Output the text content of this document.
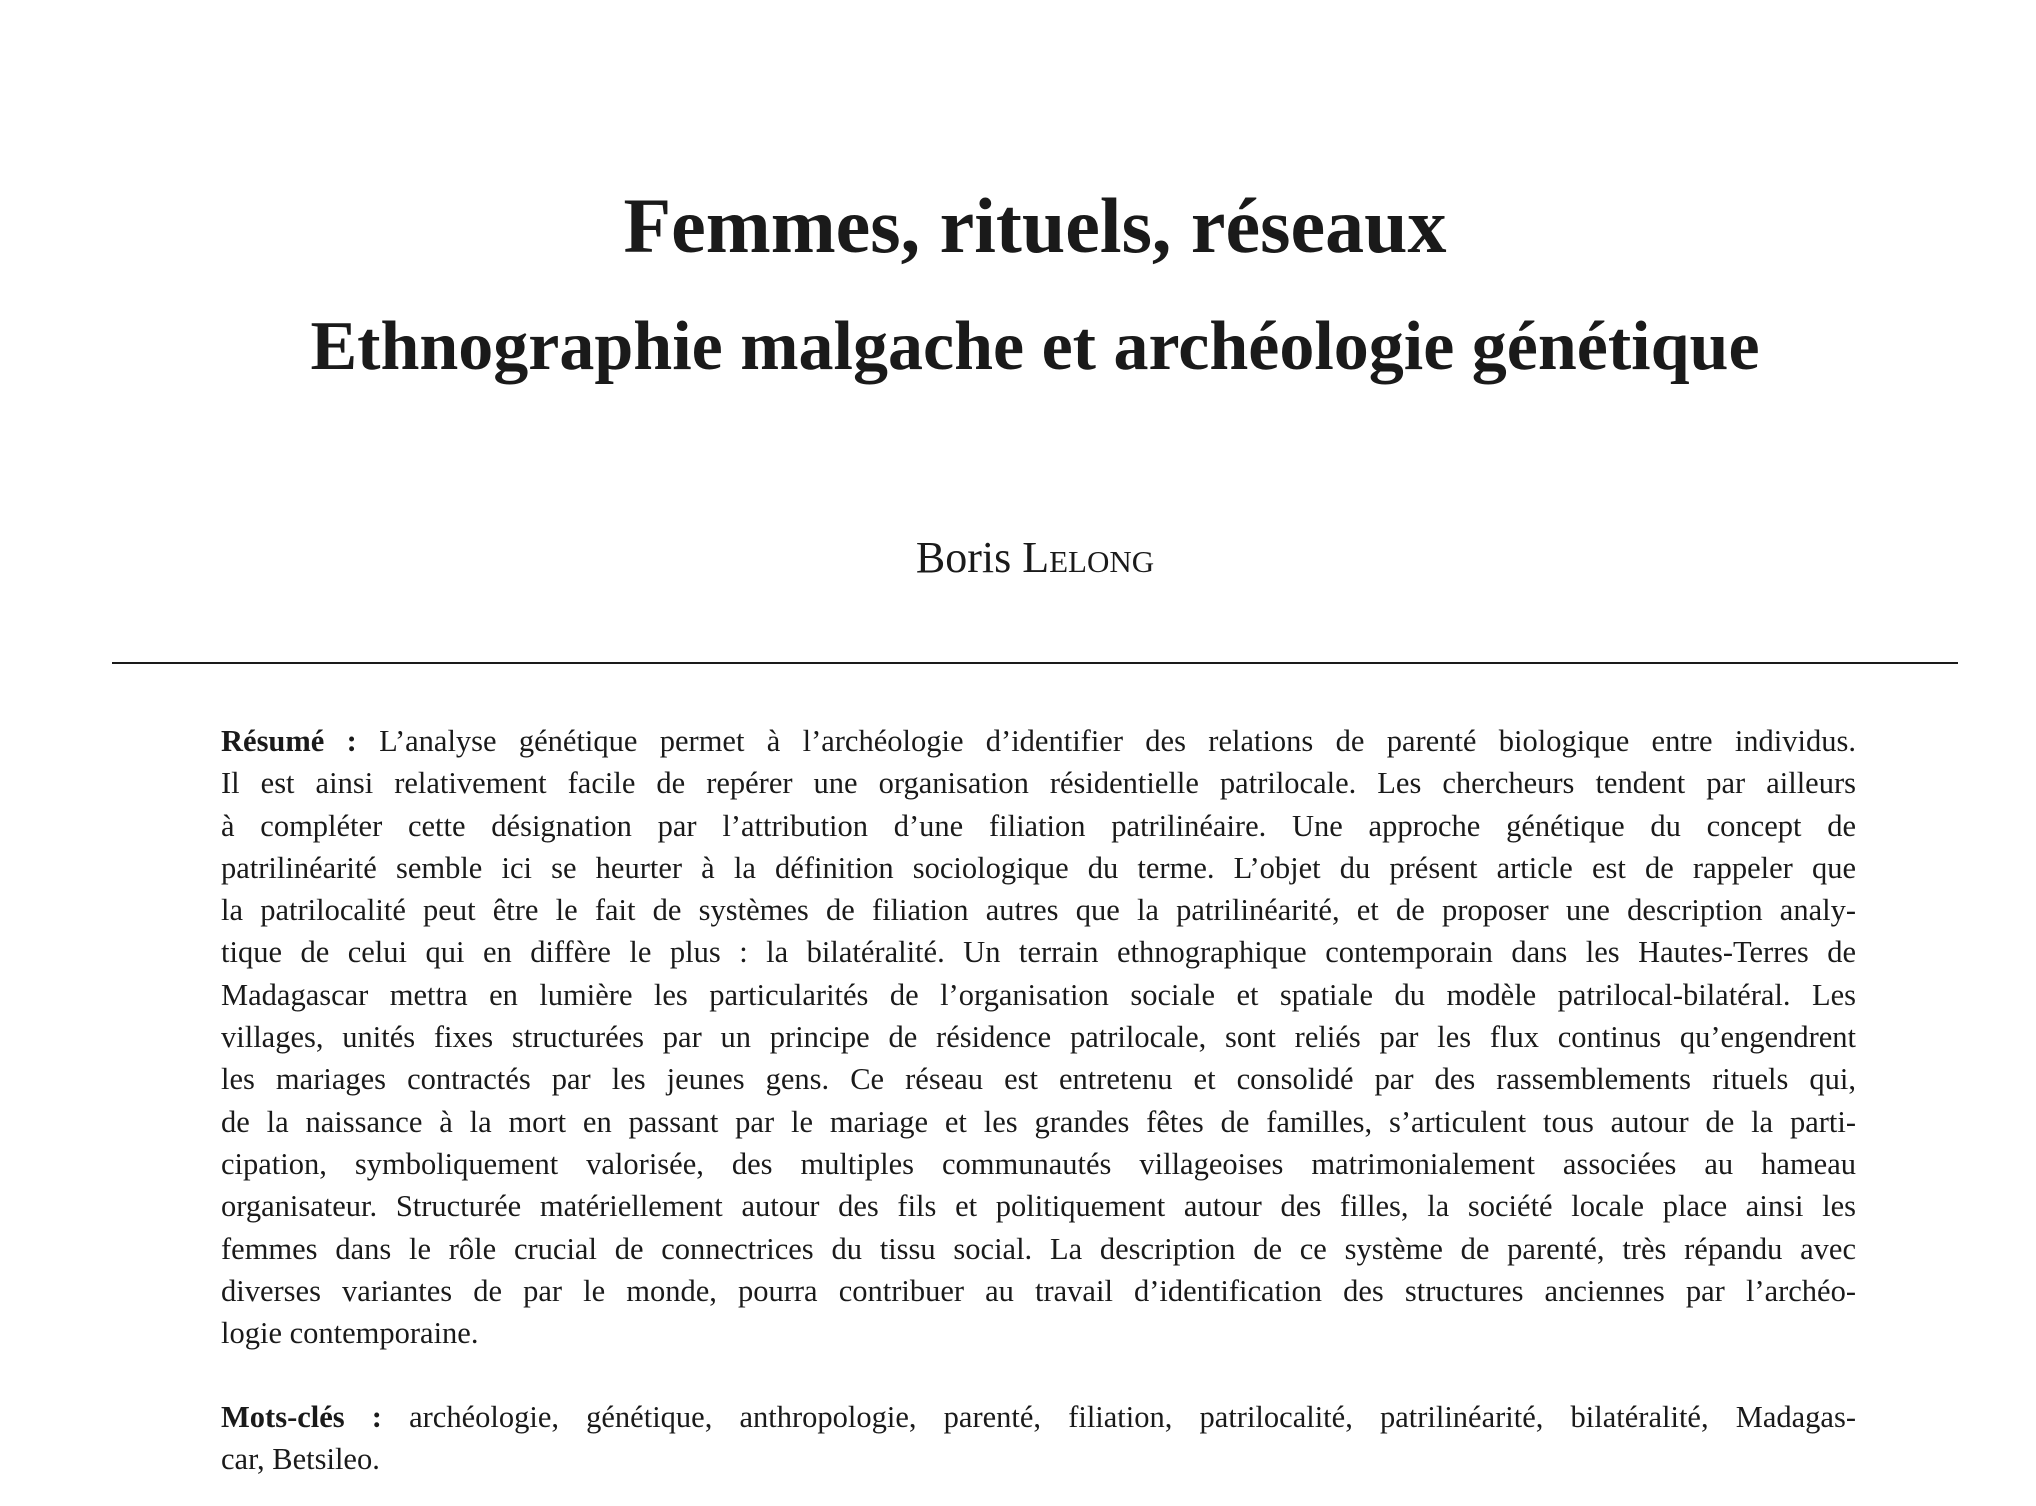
Femmes, rituels, réseaux
Ethnographie malgache et archéologie génétique
Boris Lelong
Résumé : L’analyse génétique permet à l’archéologie d’identifier des relations de parenté biologique entre individus.
Il est ainsi relativement facile de repérer une organisation résidentielle patrilocale. Les chercheurs tendent par ailleurs
à compléter cette désignation par l’attribution d’une filiation patrilinéaire. Une approche génétique du concept de
patrilinéarité semble ici se heurter à la définition sociologique du terme. L’objet du présent article est de rappeler que
la patrilocalité peut être le fait de systèmes de filiation autres que la patrilinéarité, et de proposer une description analy-
tique de celui qui en diffère le plus : la bilatéralité. Un terrain ethnographique contemporain dans les Hautes-Terres de
Madagascar mettra en lumière les particularités de l’organisation sociale et spatiale du modèle patrilocal-bilatéral. Les
villages, unités fixes structurées par un principe de résidence patrilocale, sont reliés par les flux continus qu’engendrent
les mariages contractés par les jeunes gens. Ce réseau est entretenu et consolidé par des rassemblements rituels qui,
de la naissance à la mort en passant par le mariage et les grandes fêtes de familles, s’articulent tous autour de la parti-
cipation, symboliquement valorisée, des multiples communautés villageoises matrimonialement associées au hameau
organisateur. Structurée matériellement autour des fils et politiquement autour des filles, la société locale place ainsi les
femmes dans le rôle crucial de connectrices du tissu social. La description de ce système de parenté, très répandu avec
diverses variantes de par le monde, pourra contribuer au travail d’identification des structures anciennes par l’archéo-
logie contemporaine.
Mots-clés : archéologie, génétique, anthropologie, parenté, filiation, patrilocalité, patrilinéarité, bilatéralité, Madagas-
car, Betsileo.
